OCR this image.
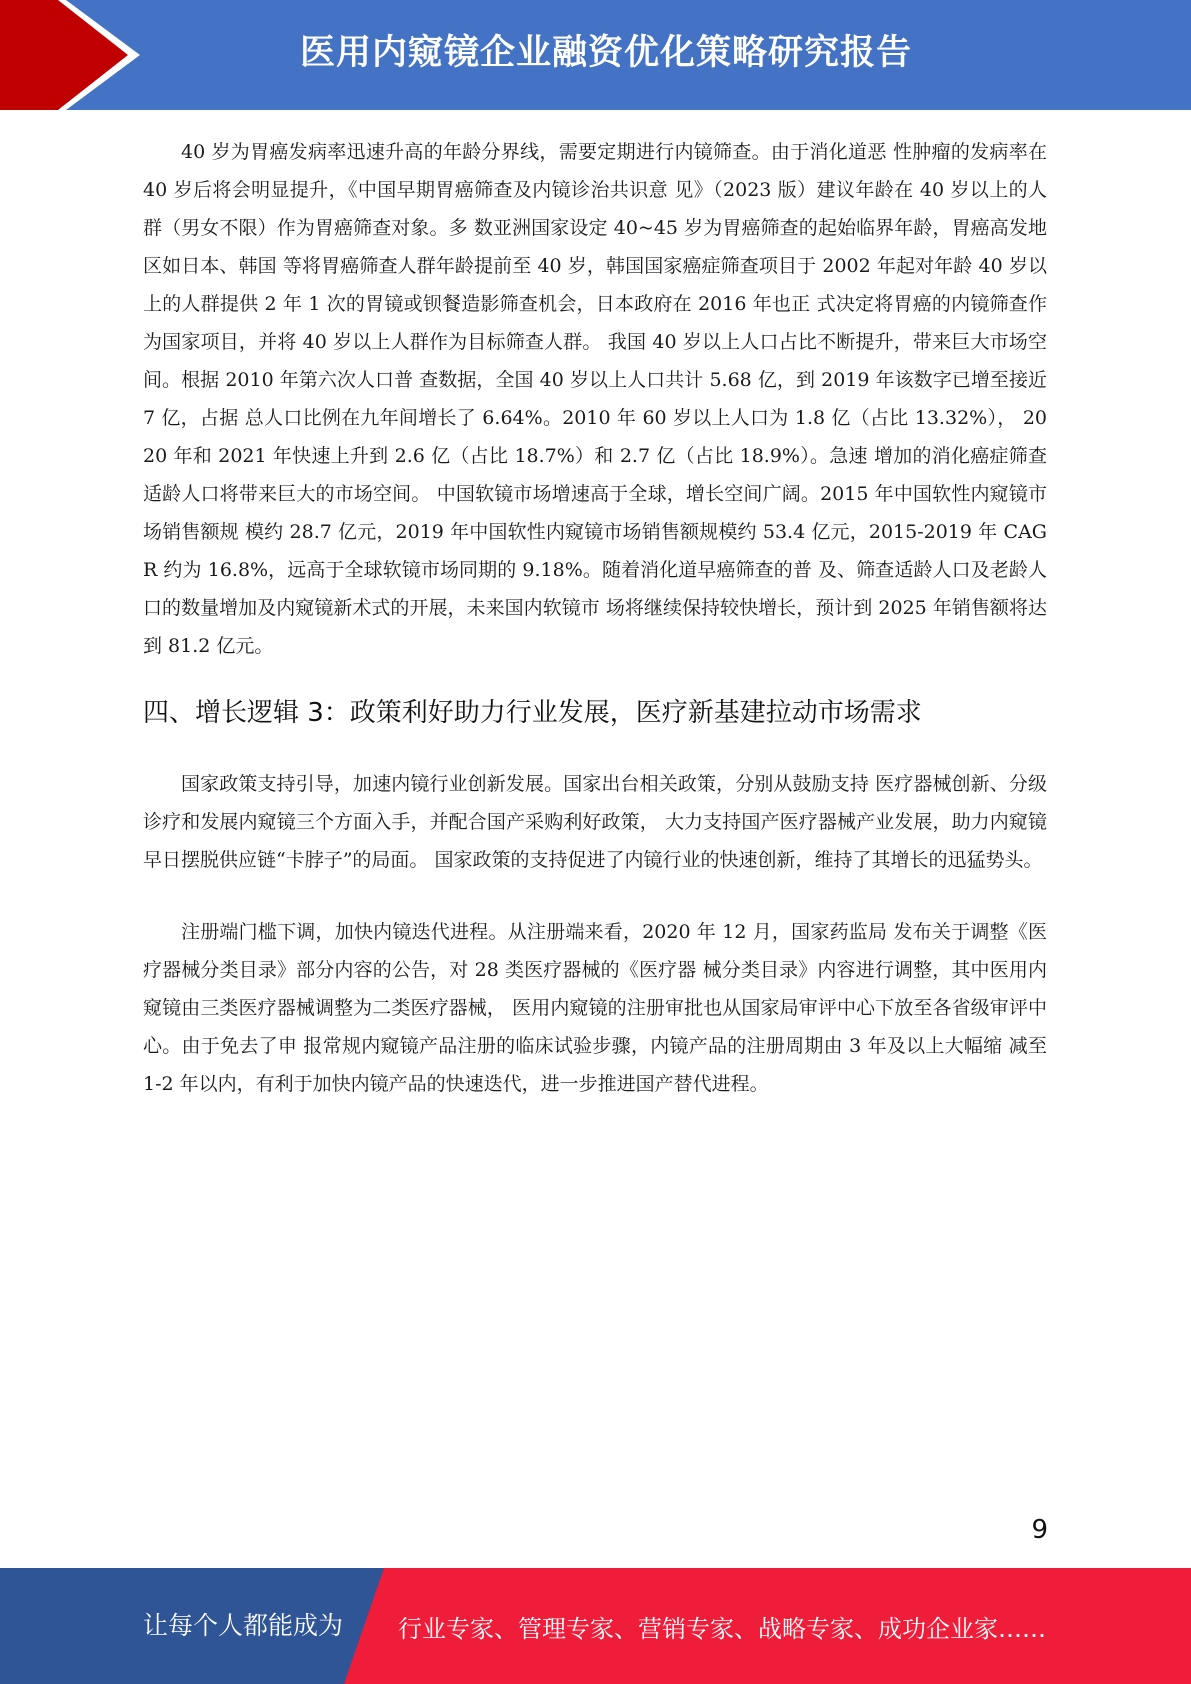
医用内窥镜企业融资优化策略研究报告

40 岁为胃癌发病率迅速升高的年龄分界线，需要定期进行内镜筛查。由于消化道恶 性肿瘤的发病率在 40 岁后将会明显提升，《中国早期胃癌筛查及内镜诊治共识意 见》（2023 版）建议年龄在 40 岁以上的人群（男女不限）作为胃癌筛查对象。多 数亚洲国家设定 40~45 岁为胃癌筛查的起始临界年龄，胃癌高发地区如日本、韩国 等将胃癌筛查人群年龄提前至 40 岁，韩国国家癌症筛查项目于 2002 年起对年龄 40 岁以上的人群提供 2 年 1 次的胃镜或钡餐造影筛查机会，日本政府在 2016 年也正 式决定将胃癌的内镜筛查作为国家项目，并将 40 岁以上人群作为目标筛查人群。 我国 40 岁以上人口占比不断提升，带来巨大市场空间。根据 2010 年第六次人口普 查数据，全国 40 岁以上人口共计 5.68 亿，到 2019 年该数字已增至接近 7 亿，占据 总人口比例在九年间增长了 6.64%。2010 年 60 岁以上人口为 1.8 亿（占比 13.32%）， 2020 年和 2021 年快速上升到 2.6 亿（占比 18.7%）和 2.7 亿（占比 18.9%）。急速 增加的消化癌症筛查适龄人口将带来巨大的市场空间。 中国软镜市场增速高于全球，增长空间广阔。2015 年中国软性内窥镜市场销售额规 模约 28.7 亿元，2019 年中国软性内窥镜市场销售额规模约 53.4 亿元，2015-2019 年 CAGR 约为 16.8%，远高于全球软镜市场同期的 9.18%。随着消化道早癌筛查的普 及、筛查适龄人口及老龄人口的数量增加及内窥镜新术式的开展，未来国内软镜市 场将继续保持较快增长，预计到 2025 年销售额将达到 81.2 亿元。

四、增长逻辑 3：政策利好助力行业发展，医疗新基建拉动市场需求

国家政策支持引导，加速内镜行业创新发展。国家出台相关政策，分别从鼓励支持 医疗器械创新、分级诊疗和发展内窥镜三个方面入手，并配合国产采购利好政策， 大力支持国产医疗器械产业发展，助力内窥镜早日摆脱供应链“卡脖子”的局面。 国家政策的支持促进了内镜行业的快速创新，维持了其增长的迅猛势头。

注册端门槛下调，加快内镜迭代进程。从注册端来看，2020 年 12 月，国家药监局 发布关于调整《医疗器械分类目录》部分内容的公告，对 28 类医疗器械的《医疗器 械分类目录》内容进行调整，其中医用内窥镜由三类医疗器械调整为二类医疗器械， 医用内窥镜的注册审批也从国家局审评中心下放至各省级审评中心。由于免去了申 报常规内窥镜产品注册的临床试验步骤，内镜产品的注册周期由 3 年及以上大幅缩 减至 1-2 年以内，有利于加快内镜产品的快速迭代，进一步推进国产替代进程。

9
让每个人都能成为 行业专家、管理专家、营销专家、战略专家、成功企业家……
